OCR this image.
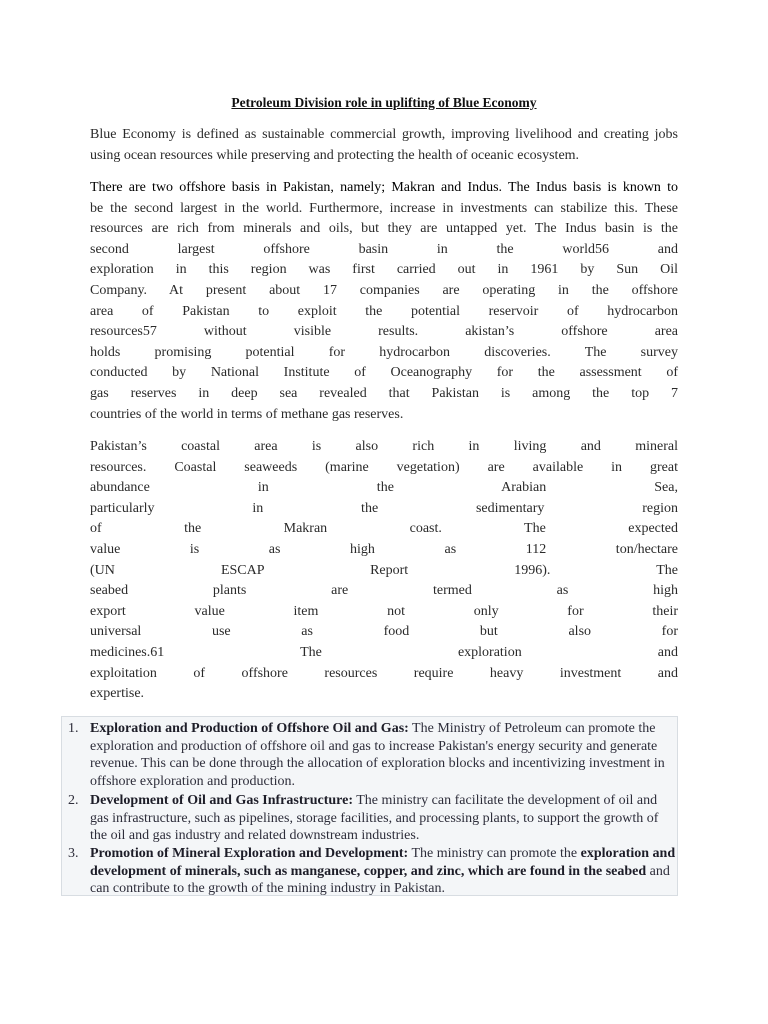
Petroleum Division role in uplifting of Blue Economy

Blue Economy is defined as sustainable commercial growth, improving livelihood and creating jobs using ocean resources while preserving and protecting the health of oceanic ecosystem.

There are two offshore basis in Pakistan, namely; Makran and Indus. The Indus basis is known to
be the second largest in the world. Furthermore, increase in investments can stabilize this. These
resources are rich from minerals and oils, but they are untapped yet. The Indus basin is the
second largest offshore basin in the world56 and
exploration in this region was first carried out in 1961 by Sun Oil
Company. At present about 17 companies are operating in the offshore
area of Pakistan to exploit the potential reservoir of hydrocarbon
resources57 without visible results. akistan’s offshore area
holds promising potential for hydrocarbon discoveries. The survey
conducted by National Institute of Oceanography for the assessment of
gas reserves in deep sea revealed that Pakistan is among the top 7
countries of the world in terms of methane gas reserves.
Pakistan’s coastal area is also rich in living and mineral
resources. Coastal seaweeds (marine vegetation) are available in great
abundance in the Arabian Sea,
particularly in the sedimentary region
of the Makran coast. The expected
value is as high as 112 ton/hectare
(UN ESCAP Report 1996). The
seabed plants are termed as high
export value item not only for their
universal use as food but also for
medicines.61 The exploration and
exploitation of offshore resources require heavy investment and
expertise.
1. Exploration and Production of Offshore Oil and Gas: The Ministry of Petroleum can promote the exploration and production of offshore oil and gas to increase Pakistan's energy security and generate revenue. This can be done through the allocation of exploration blocks and incentivizing investment in offshore exploration and production.
2. Development of Oil and Gas Infrastructure: The ministry can facilitate the development of oil and gas infrastructure, such as pipelines, storage facilities, and processing plants, to support the growth of the oil and gas industry and related downstream industries.
3. Promotion of Mineral Exploration and Development: The ministry can promote the exploration and development of minerals, such as manganese, copper, and zinc, which are found in the seabed and can contribute to the growth of the mining industry in Pakistan.
